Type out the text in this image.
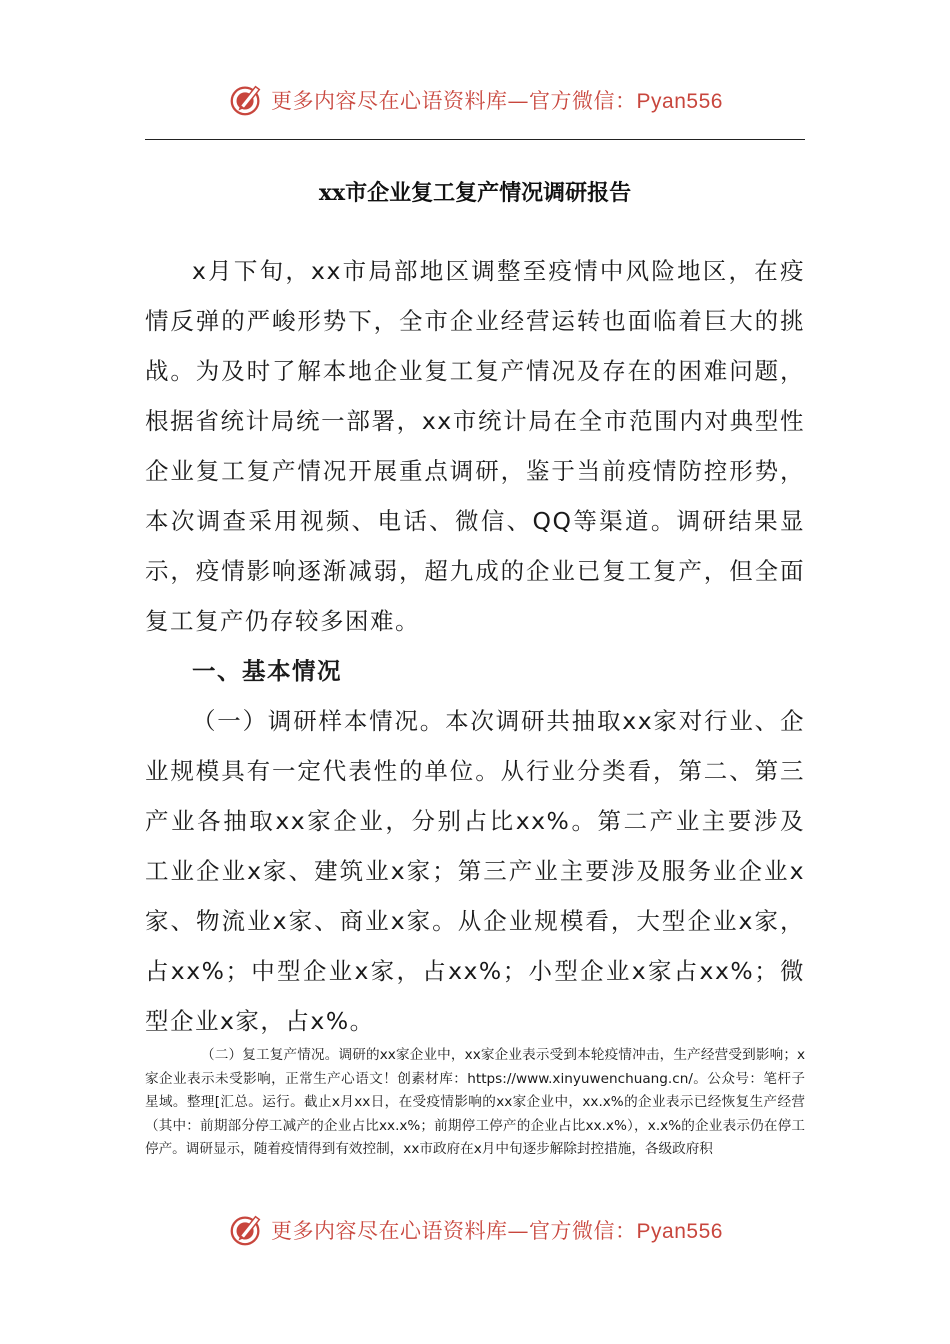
更多内容尽在心语资料库—官方微信：Pyan556
xx市企业复工复产情况调研报告
x月下旬，xx市局部地区调整至疫情中风险地区，在疫情反弹的严峻形势下，全市企业经营运转也面临着巨大的挑战。为及时了解本地企业复工复产情况及存在的困难问题，根据省统计局统一部署，xx市统计局在全市范围内对典型性企业复工复产情况开展重点调研，鉴于当前疫情防控形势，本次调查采用视频、电话、微信、QQ等渠道。调研结果显示，疫情影响逐渐减弱，超九成的企业已复工复产，但全面复工复产仍存较多困难。
一、基本情况
（一）调研样本情况。本次调研共抽取xx家对行业、企业规模具有一定代表性的单位。从行业分类看，第二、第三产业各抽取xx家企业，分别占比xx%。第二产业主要涉及工业企业x家、建筑业x家；第三产业主要涉及服务业企业x家、物流业x家、商业x家。从企业规模看，大型企业x家，占xx%；中型企业x家，占xx%；小型企业x家占xx%；微型企业x家，占x%。
（二）复工复产情况。调研的xx家企业中，xx家企业表示受到本轮疫情冲击，生产经营受到影响；x家企业表示未受影响，正常生产心语文！创素材库：https://www.xinyuwenchuang.cn/。公众号：笔杆子星域。整理[汇总。运行。截止x月xx日，在受疫情影响的xx家企业中，xx.x%的企业表示已经恢复生产经营（其中：前期部分停工减产的企业占比xx.x%；前期停工停产的企业占比xx.x%），x.x%的企业表示仍在停工停产。调研显示，随着疫情得到有效控制，xx市政府在x月中旬逐步解除封控措施，各级政府积
更多内容尽在心语资料库—官方微信：Pyan556
